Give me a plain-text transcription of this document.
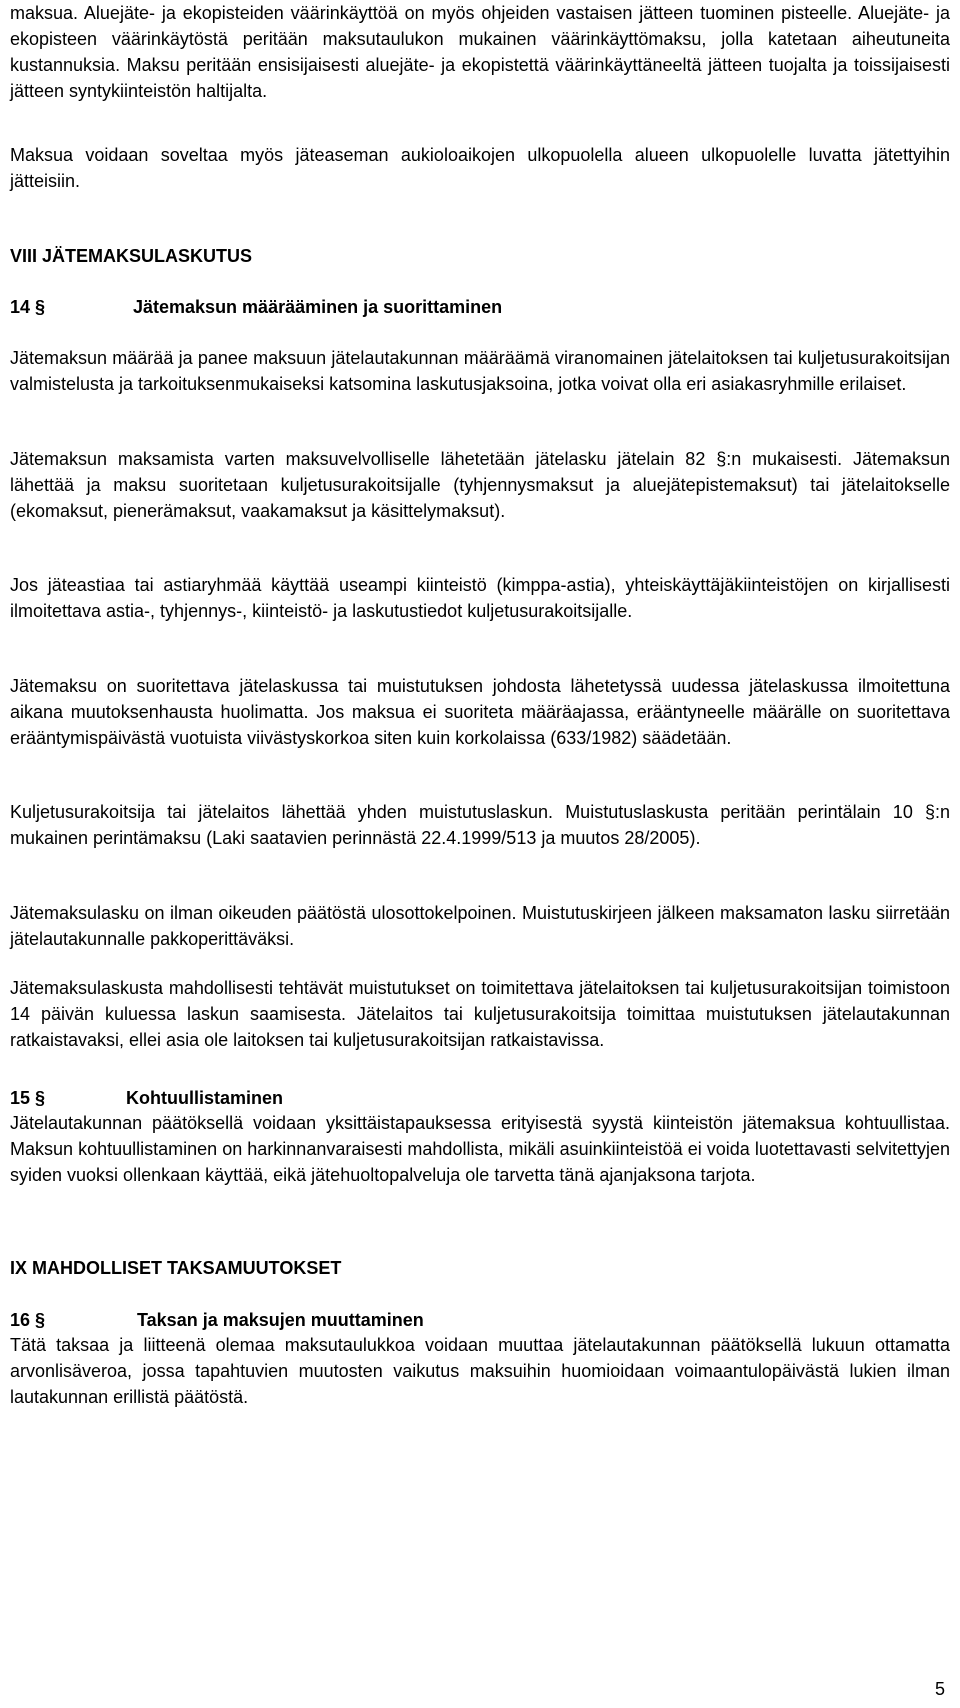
maksua. Aluejäte- ja ekopisteiden väärinkäyttöä on myös ohjeiden vastaisen jätteen tuominen pisteelle. Aluejäte- ja ekopisteen väärinkäytöstä peritään maksutaulukon mukainen väärinkäyttömaksu, jolla katetaan aiheutuneita kustannuksia. Maksu peritään ensisijaisesti aluejäte- ja ekopistettä väärinkäyttäneeltä jätteen tuojalta ja toissijaisesti jätteen syntykiinteistön haltijalta.

Maksua voidaan soveltaa myös jäteaseman aukioloaikojen ulkopuolella alueen ulkopuolelle luvatta jätettyihin jätteisiin.

VIII JÄTEMAKSULASKUTUS
14 §	Jätemaksun määrääminen ja suorittaminen

Jätemaksun määrää ja panee maksuun jätelautakunnan määräämä viranomainen jätelaitoksen tai kuljetusurakoitsijan valmistelusta ja tarkoituksenmukaiseksi katsomina laskutusjaksoina, jotka voivat olla eri asiakasryhmille erilaiset.

Jätemaksun maksamista varten maksuvelvolliselle lähetetään jätelasku jätelain 82 §:n mukaisesti. Jätemaksun lähettää ja maksu suoritetaan kuljetusurakoitsijalle (tyhjennysmaksut ja aluejätepistemaksut) tai jätelaitokselle (ekomaksut, pienerämaksut, vaakamaksut ja käsittelymaksut).

Jos jäteastiaa tai astiaryhmää käyttää useampi kiinteistö (kimppa-astia), yhteiskäyttäjäkiinteistöjen on kirjallisesti ilmoitettava astia-, tyhjennys-, kiinteistö- ja laskutustiedot kuljetusurakoitsijalle.

Jätemaksu on suoritettava jätelaskussa tai muistutuksen johdosta lähetetyssä uudessa jätelaskussa ilmoitettuna aikana muutoksenhausta huolimatta. Jos maksua ei suoriteta määräajassa, erääntyneelle määrälle on suoritettava erääntymispäivästä vuotuista viivästyskorkoa siten kuin korkolaissa (633/1982) säädetään.

Kuljetusurakoitsija tai jätelaitos lähettää yhden muistutuslaskun. Muistutuslaskusta peritään perintälain 10 §:n mukainen perintämaksu (Laki saatavien perinnästä 22.4.1999/513 ja muutos 28/2005).

Jätemaksulasku on ilman oikeuden päätöstä ulosottokelpoinen. Muistutuskirjeen jälkeen maksamaton lasku siirretään jätelautakunnalle pakkoperittäväksi.

Jätemaksulaskusta mahdollisesti tehtävät muistutukset on toimitettava jätelaitoksen tai kuljetusurakoitsijan toimistoon 14 päivän kuluessa laskun saamisesta. Jätelaitos tai kuljetusurakoitsija toimittaa muistutuksen jätelautakunnan ratkaistavaksi, ellei asia ole laitoksen tai kuljetusurakoitsijan ratkaistavissa.

15 §	Kohtuullistaminen

Jätelautakunnan päätöksellä voidaan yksittäistapauksessa erityisestä syystä kiinteistön jätemaksua kohtuullistaa. Maksun kohtuullistaminen on harkinnanvaraisesti mahdollista, mikäli asuinkiinteistöä ei voida luotettavasti selvitettyjen syiden vuoksi ollenkaan käyttää, eikä jätehuoltopalveluja ole tarvetta tänä ajanjaksona tarjota.

IX MAHDOLLISET TAKSAMUUTOKSET
16 §	Taksan ja maksujen muuttaminen

Tätä taksaa ja liitteenä olemaa maksutaulukkoa voidaan muuttaa jätelautakunnan päätöksellä lukuun ottamatta arvonlisäveroa, jossa tapahtuvien muutosten vaikutus maksuihin huomioidaan voimaantulopäivästä lukien ilman lautakunnan erillistä päätöstä.

5
